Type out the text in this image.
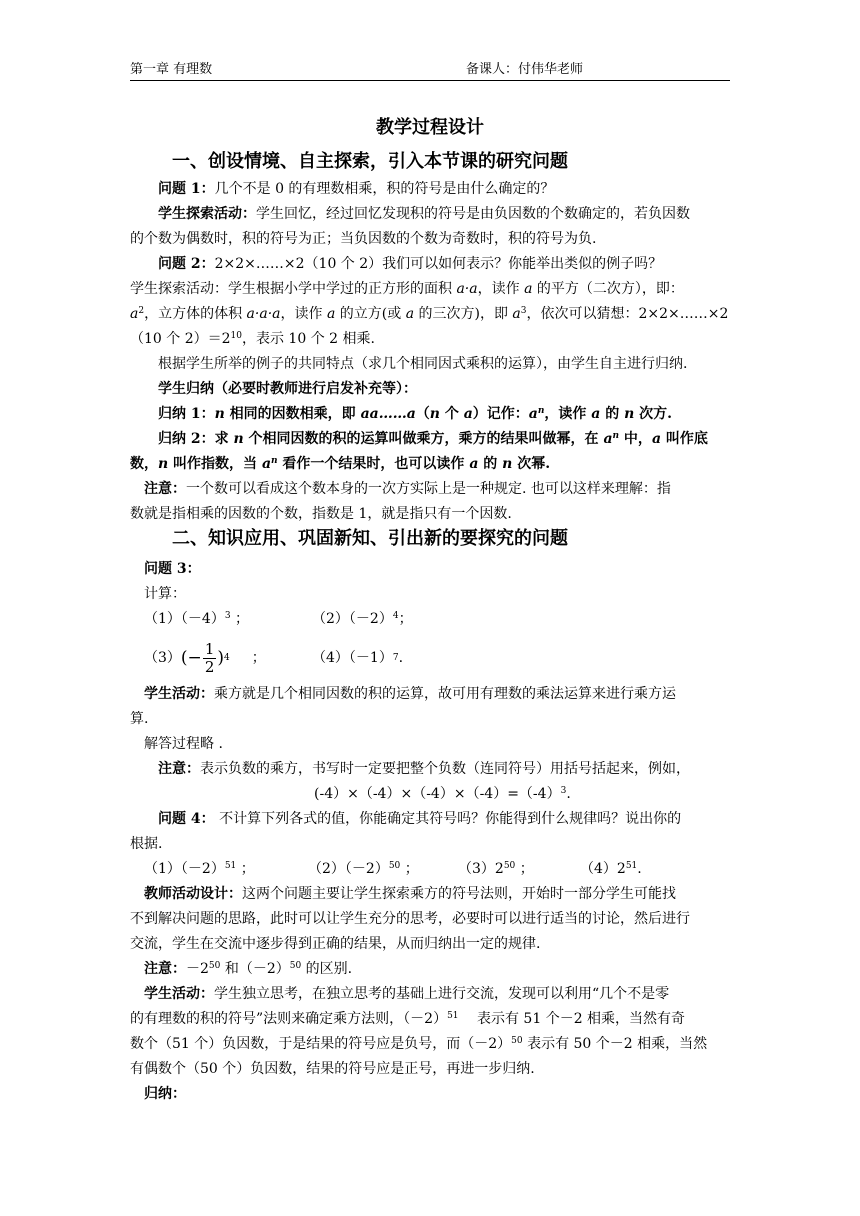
第一章 有理数	备课人：付伟华老师
教学过程设计
一、创设情境、自主探索，引入本节课的研究问题
问题 1：几个不是 0 的有理数相乘，积的符号是由什么确定的？
学生探索活动：学生回忆，经过回忆发现积的符号是由负因数的个数确定的，若负因数
的个数为偶数时，积的符号为正；当负因数的个数为奇数时，积的符号为负.
问题 2：2×2×……×2（10 个 2）我们可以如何表示？你能举出类似的例子吗？
学生探索活动：学生根据小学中学过的正方形的面积 a·a，读作 a 的平方（二次方），即：
$a^2$，立方体的体积 a·a·a，读作 a 的立方(或 a 的三次方)，即 $a^3$，依次可以猜想：2×2×……×2
（10 个 $2)=2^{10}$，表示 10 个 2 相乘.
根据学生所举的例子的共同特点（求几个相同因式乘积的运算），由学生自主进行归纳.
学生归纳（必要时教师进行启发补充等）：
归纳 1：n 相同的因数相乘，即 aa……a（n 个 a）记作：$a^n$，读作 a 的 n 次方.
归纳 2：求 n 个相同因数的积的运算叫做乘方，乘方的结果叫做幂，在 $a^n$ 中，a 叫作底
数，n 叫作指数，当 $a^n$ 看作一个结果时，也可以读作 a 的 n 次幂.
注意：一个数可以看成这个数本身的一次方实际上是一种规定. 也可以这样来理解：指
数就是指相乘的因数的个数，指数是 1，就是指只有一个因数.
二、知识应用、巩固新知、引出新的要探究的问题
问题 3：
计算：
$(1)(-4)^3$ ；	$(2)(-2)^4$；
（3） (− $\frac{1}{2}$ ) 4 ；	（4）（－1） 7 .
学生活动：乘方就是几个相同因数的积的运算，故可用有理数的乘法运算来进行乘方运
算.
解答过程略 .
注意：表示负数的乘方，书写时一定要把整个负数（连同符号）用括号括起来，例如，
$(-4)\times(-4)\times(-4)\times(-4)=(-4)^3$.
问题 4： 不计算下列各式的值，你能确定其符号吗？你能得到什么规律吗？说出你的
根据.
$(1)(-2)^{51}$ ；	$(2)(-2)^{50}$ ；	$(3)2^{50}$ ；	$(4)2^{51}$.
教师活动设计：这两个问题主要让学生探索乘方的符号法则，开始时一部分学生可能找
不到解决问题的思路，此时可以让学生充分的思考，必要时可以进行适当的讨论，然后进行
交流，学生在交流中逐步得到正确的结果，从而归纳出一定的规律.
注意：$-2^{50}$ 和$(-2)^{50}$ 的区别.
学生活动：学生独立思考，在独立思考的基础上进行交流，发现可以利用“几个不是零
的有理数的积的符号”法则来确定乘方法则，$(-2)^{51}$　 表示有 51 个－2 相乘，当然有奇
数个（51 个）负因数，于是结果的符号应是负号，而$(-2)^{50}$ 表示有 50 个－2 相乘，当然
有偶数个（50 个）负因数，结果的符号应是正号，再进一步归纳.
归纳：
